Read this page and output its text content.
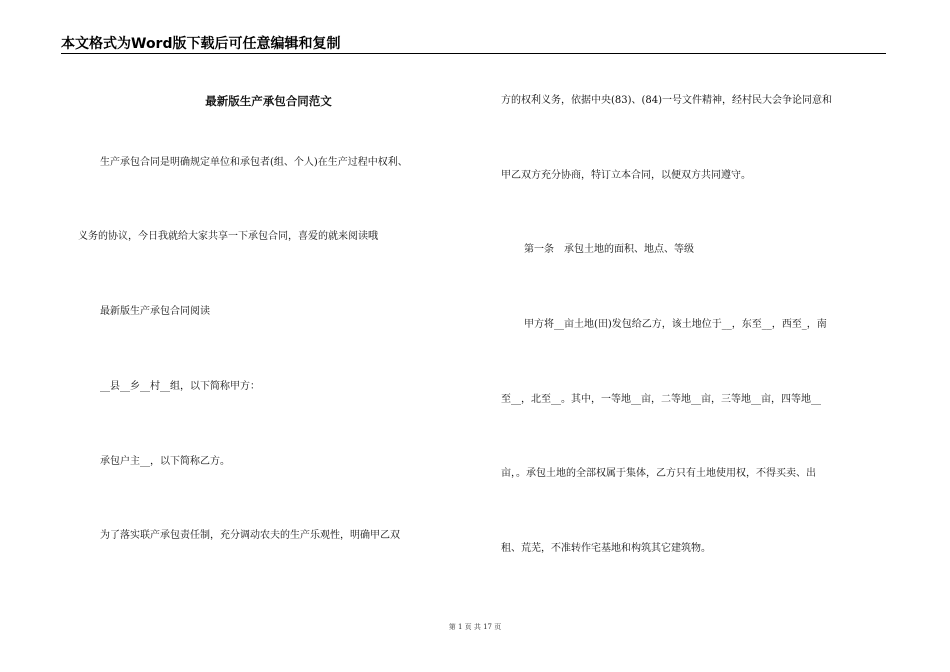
本文格式为Word版下载后可任意编辑和复制
最新版生产承包合同范文
生产承包合同是明确规定单位和承包者(组、个人)在生产过程中权利、
义务的协议，今日我就给大家共享一下承包合同，喜爱的就来阅读哦
最新版生产承包合同阅读
__县__乡__村__组，以下简称甲方：
承包户主__，以下简称乙方。
为了落实联产承包责任制，充分调动农夫的生产乐观性，明确甲乙双
方的权利义务，依据中央(83)、(84)一号文件精神，经村民大会争论同意和
甲乙双方充分协商，特订立本合同，以便双方共同遵守。
第一条　承包土地的面积、地点、等级
甲方将__亩土地(田)发包给乙方，该土地位于__，东至__，西至_，南
至__，北至__。其中，一等地__亩，二等地__亩，三等地__亩，四等地__
亩，。承包土地的全部权属于集体，乙方只有土地使用权，不得买卖、出
租、荒芜，不准转作宅基地和构筑其它建筑物。
第 1 页 共 17 页
